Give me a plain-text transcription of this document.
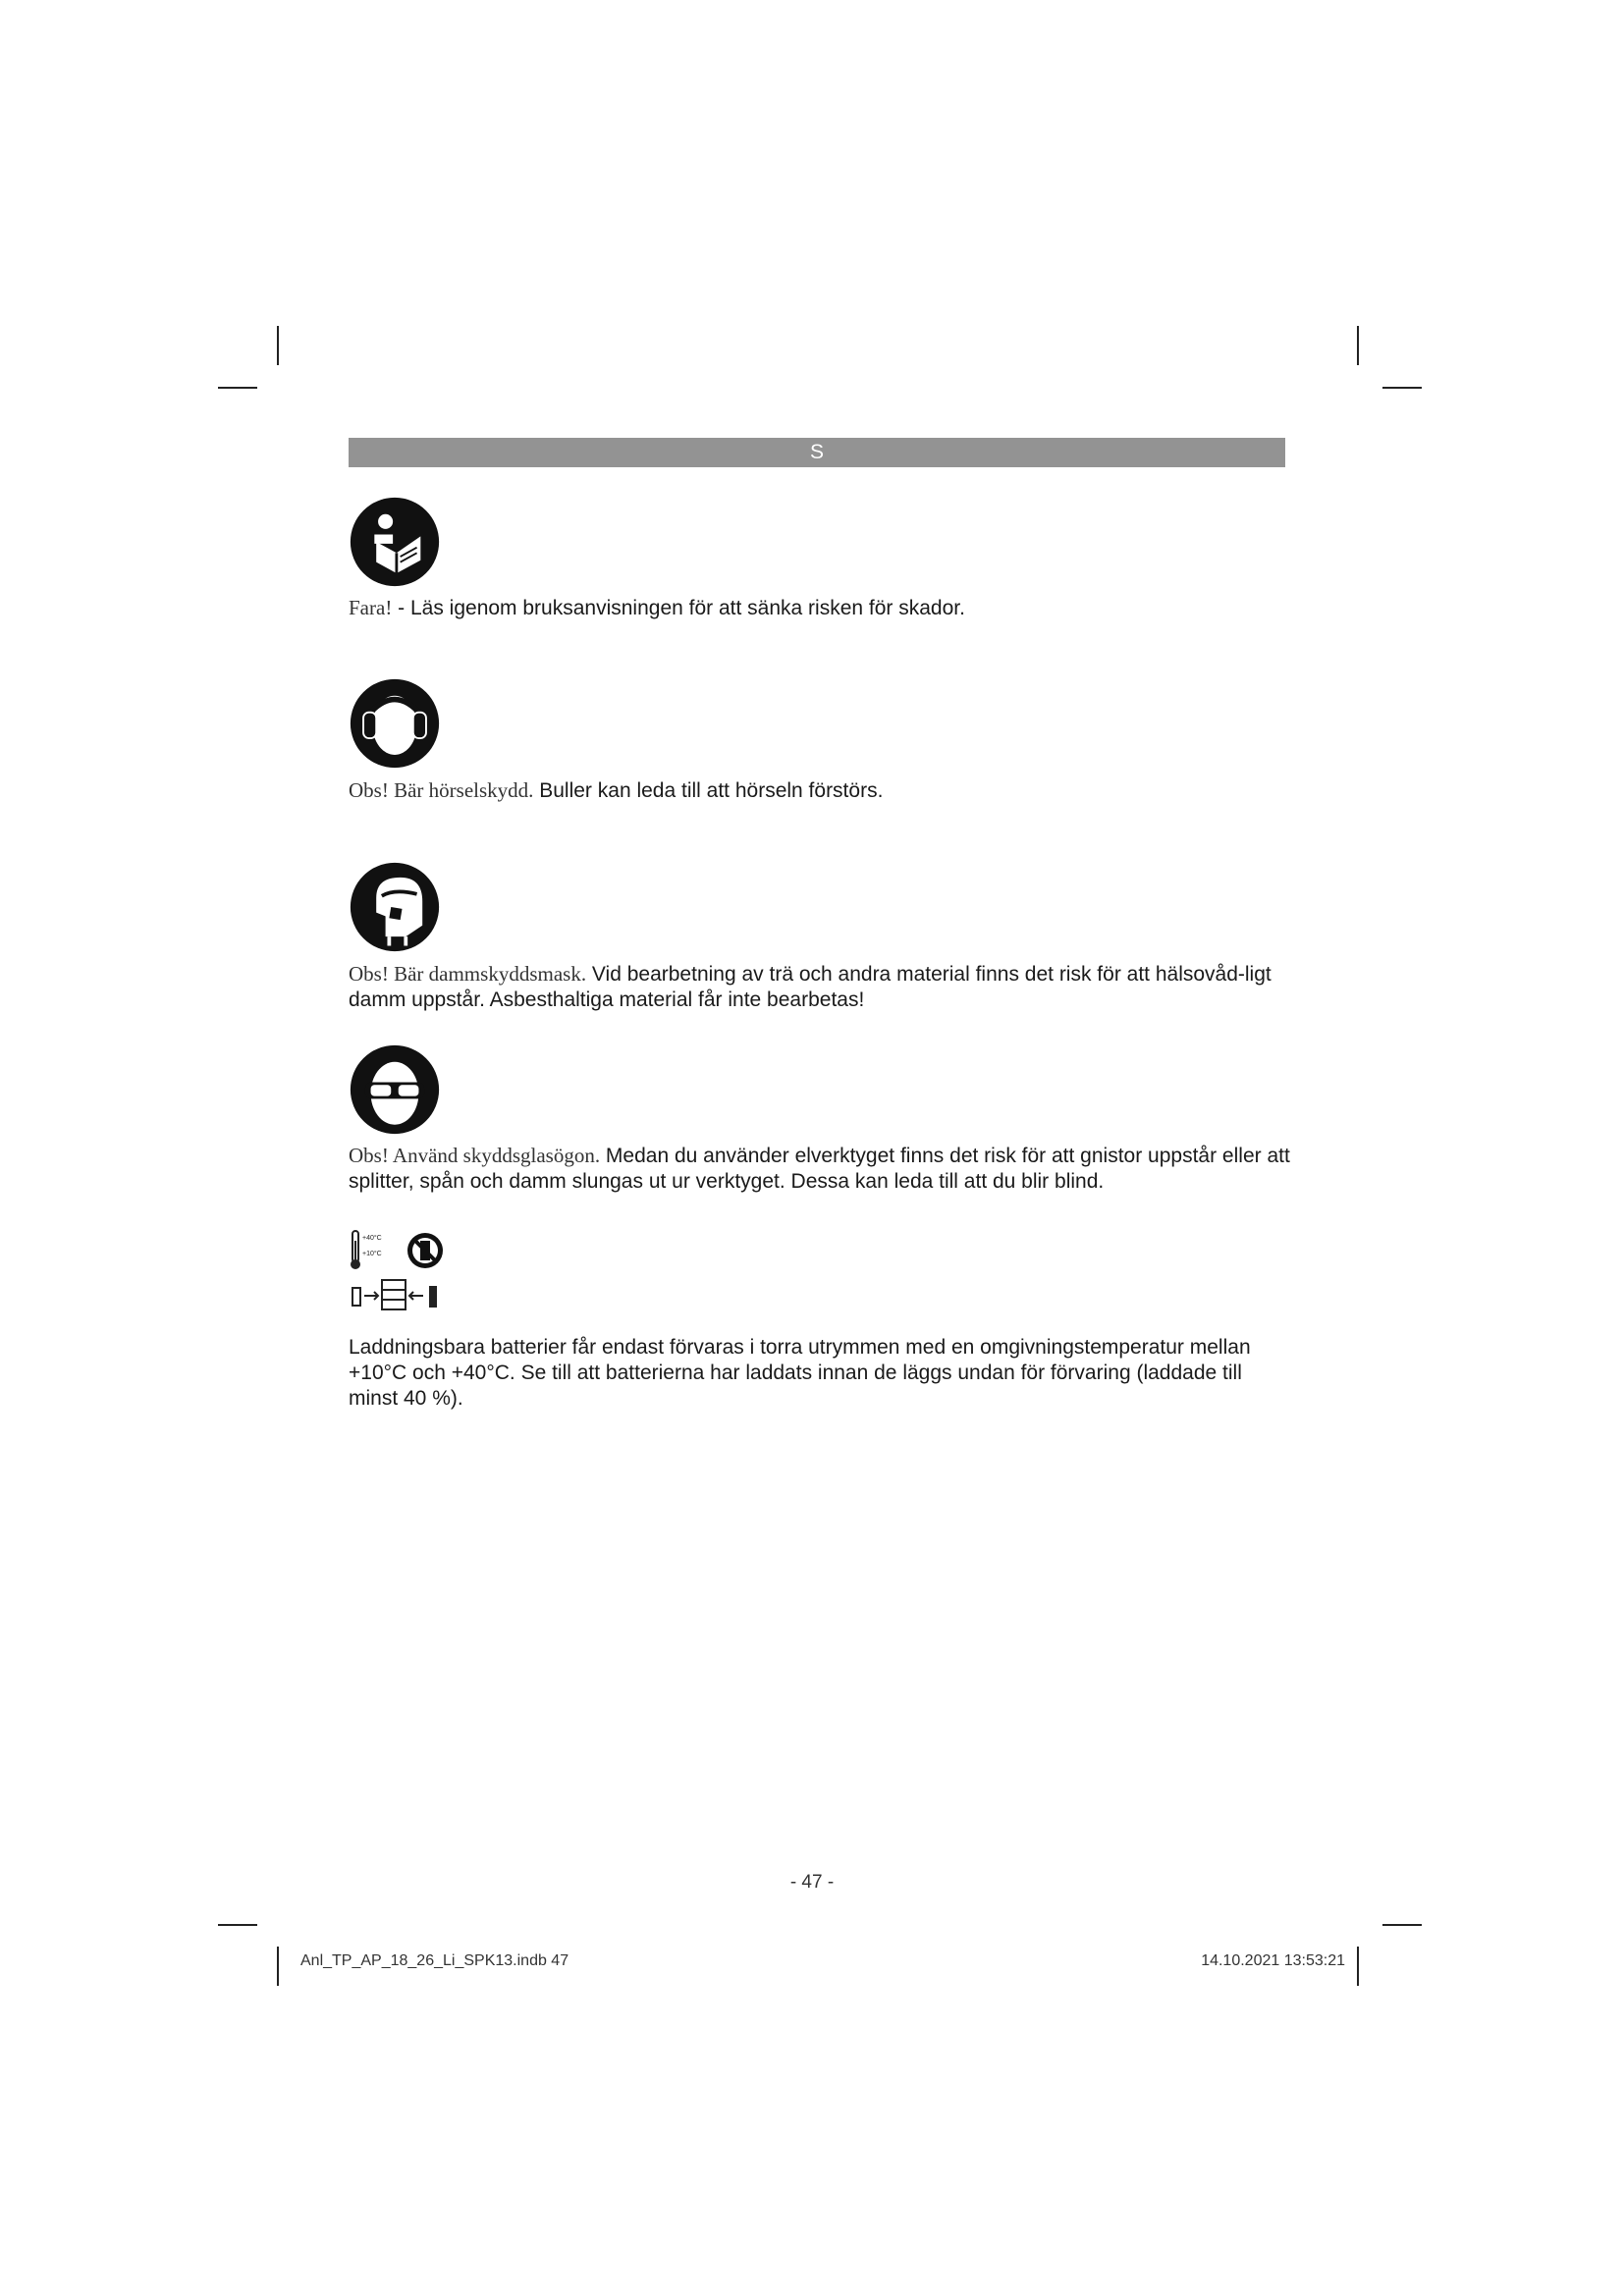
S
Fara! - Läs igenom bruksanvisningen för att sänka risken för skador.
Obs! Bär hörselskydd. Buller kan leda till att hörseln förstörs.
Obs! Bär dammskyddsmask. Vid bearbetning av trä och andra material finns det risk för att hälsovåd-ligt damm uppstår. Asbesthaltiga material får inte bearbetas!
Obs! Använd skyddsglasögon. Medan du använder elverktyget finns det risk för att gnistor uppstår eller att splitter, spån och damm slungas ut ur verktyget. Dessa kan leda till att du blir blind.
+40°C
+10°C
Laddningsbara batterier får endast förvaras i torra utrymmen med en omgivningstemperatur mellan +10°C och +40°C. Se till att batterierna har laddats innan de läggs undan för förvaring (laddade till minst 40 %).
- 47 -
Anl_TP_AP_18_26_Li_SPK13.indb 47	14.10.2021 13:53:21
